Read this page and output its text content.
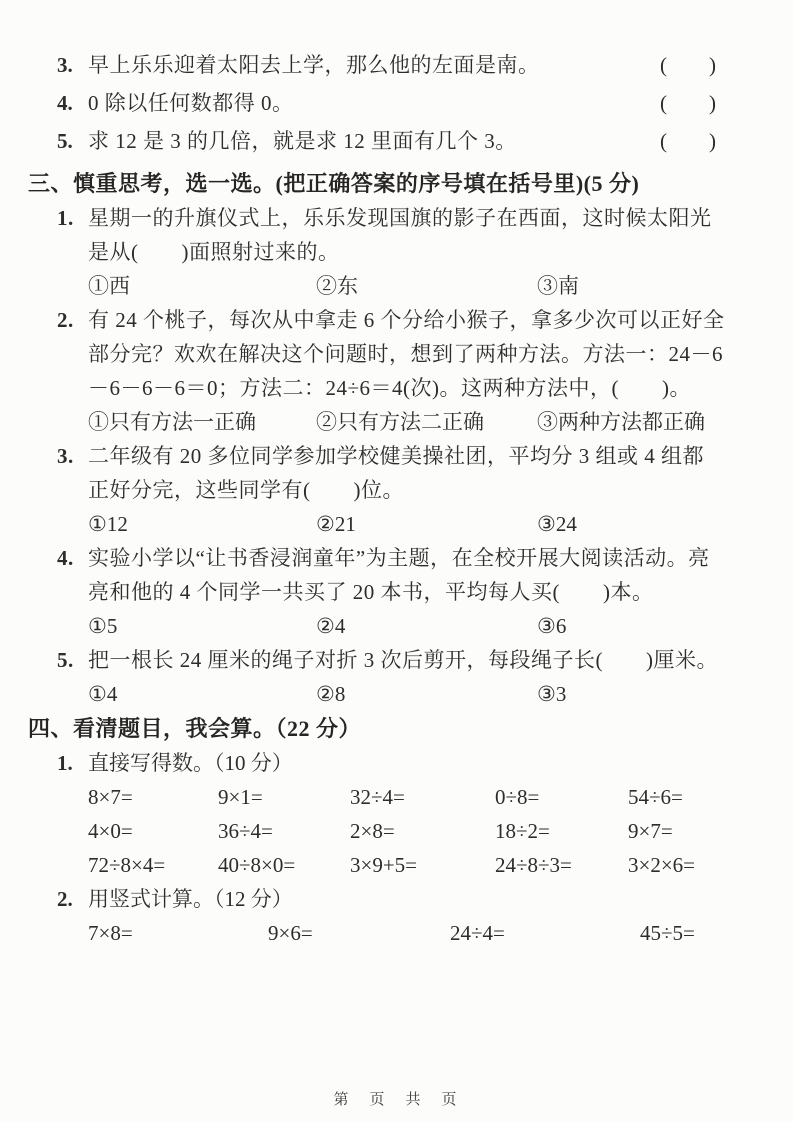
3. 早上乐乐迎着太阳去上学，那么他的左面是南。	(　　)
4. 0 除以任何数都得 0。	(　　)
5. 求 12 是 3 的几倍，就是求 12 里面有几个 3。	(　　)
三、慎重思考，选一选。(把正确答案的序号填在括号里)(5 分)
1. 星期一的升旗仪式上，乐乐发现国旗的影子在西面，这时候太阳光
是从(　　)面照射过来的。
①西	②东	③南
2. 有 24 个桃子，每次从中拿走 6 个分给小猴子，拿多少次可以正好全
部分完？欢欢在解决这个问题时，想到了两种方法。方法一：24－6
－6－6－6＝0；方法二：24÷6＝4(次)。这两种方法中，(　　)。
①只有方法一正确	②只有方法二正确	③两种方法都正确
3. 二年级有 20 多位同学参加学校健美操社团，平均分 3 组或 4 组都
正好分完，这些同学有(　　)位。
①12	②21	③24
4. 实验小学以“让书香浸润童年”为主题，在全校开展大阅读活动。亮
亮和他的 4 个同学一共买了 20 本书，平均每人买(　　)本。
①5	②4	③6
5. 把一根长 24 厘米的绳子对折 3 次后剪开，每段绳子长(　　)厘米。
①4	②8	③3
四、看清题目，我会算。（22 分）
1. 直接写得数。（10 分）
8×7=	9×1=	32÷4=	0÷8=	54÷6=
4×0=	36÷4=	2×8=	18÷2=	9×7=
72÷8×4=	40÷8×0=	3×9+5=	24÷8÷3=	3×2×6=
2. 用竖式计算。（12 分）
7×8=	9×6=	24÷4=	45÷5=
第　页　共　页
